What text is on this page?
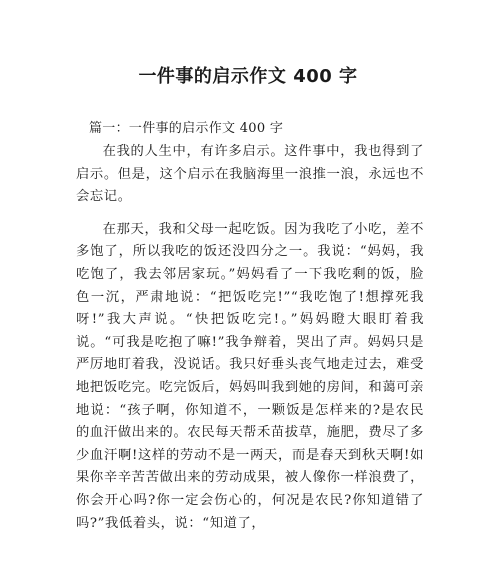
一件事的启示作文 400 字
篇一：一件事的启示作文 400 字

在我的人生中，有许多启示。这件事中，我也得到了启示。但是，这个启示在我脑海里一浪推一浪，永远也不会忘记。

在那天，我和父母一起吃饭。因为我吃了小吃，差不多饱了，所以我吃的饭还没四分之一。我说：“妈妈，我吃饱了，我去邻居家玩。”妈妈看了一下我吃剩的饭，脸色一沉，严肃地说：“把饭吃完!”“我吃饱了!想撑死我呀!”我大声说。“快把饭吃完!。”妈妈瞪大眼盯着我说。“可我是吃抱了嘛!”我争辩着，哭出了声。妈妈只是严厉地盯着我，没说话。我只好垂头丧气地走过去，难受地把饭吃完。吃完饭后，妈妈叫我到她的房间，和蔼可亲地说：“孩子啊，你知道不，一颗饭是怎样来的?是农民的血汗做出来的。农民每天帮禾苗拔草，施肥，费尽了多少血汗啊!这样的劳动不是一两天，而是春天到秋天啊!如果你辛辛苦苦做出来的劳动成果，被人像你一样浪费了，你会开心吗?你一定会伤心的，何况是农民?你知道错了吗?”我低着头，说：“知道了，
